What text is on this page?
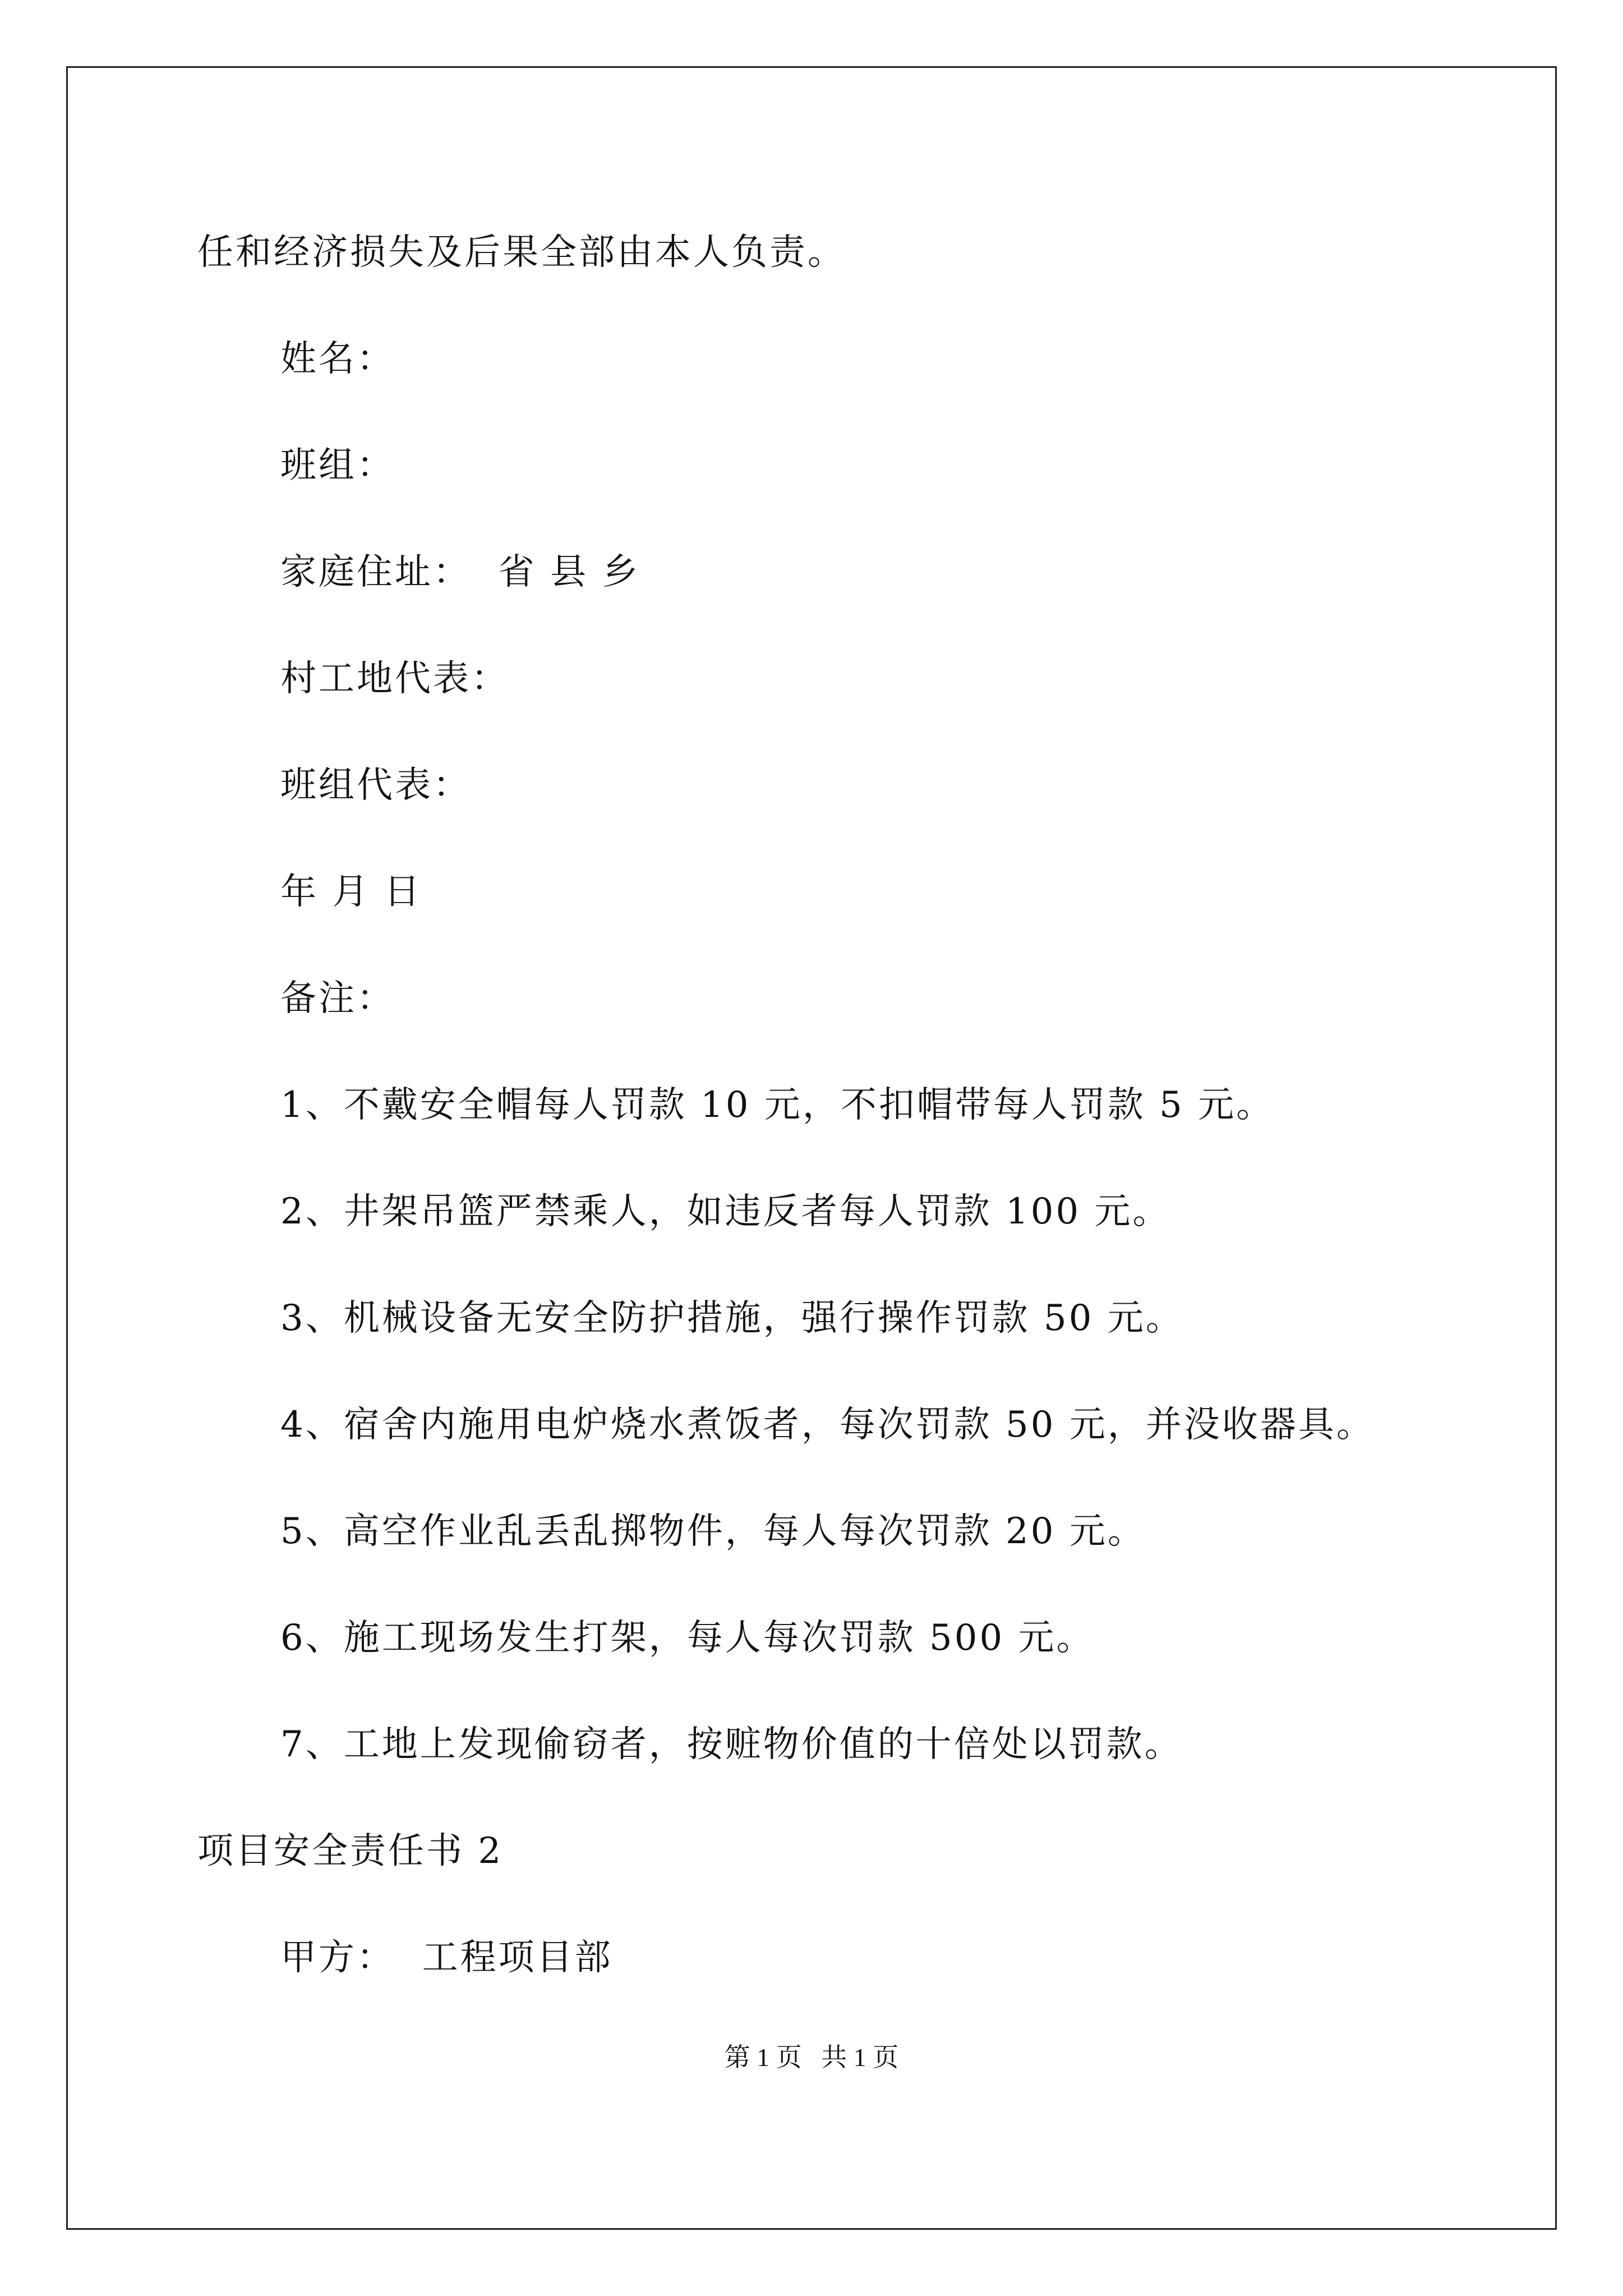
任和经济损失及后果全部由本人负责。
姓名：
班组：
家庭住址：  省 县 乡
村工地代表：
班组代表：
年 月 日
备注：
1、不戴安全帽每人罚款 10 元，不扣帽带每人罚款 5 元。
2、井架吊篮严禁乘人，如违反者每人罚款 100 元。
3、机械设备无安全防护措施，强行操作罚款 50 元。
4、宿舍内施用电炉烧水煮饭者，每次罚款 50 元，并没收器具。
5、高空作业乱丢乱掷物件，每人每次罚款 20 元。
6、施工现场发生打架，每人每次罚款 500 元。
7、工地上发现偷窃者，按赃物价值的十倍处以罚款。
项目安全责任书 2
甲方：  工程项目部
第 1 页   共 1 页
